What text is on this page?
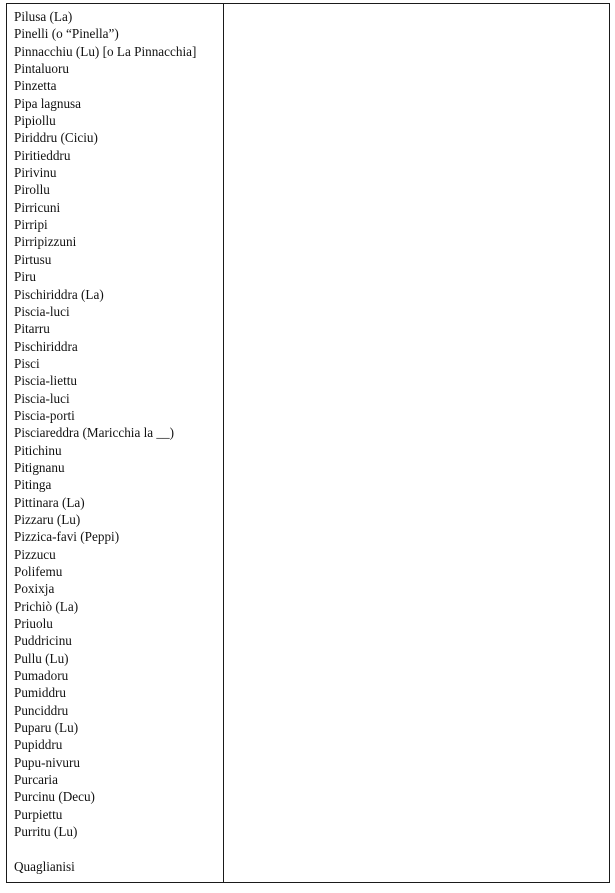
Pilusa (La)
Pinelli (o “Pinella”)
Pinnacchiu (Lu) [o La Pinnacchia]
Pintaluoru
Pinzetta
Pipa lagnusa
Pipiollu
Piriddru (Ciciu)
Piritieddru
Pirivinu
Pirollu
Pirricuni
Pirripi
Pirripizzuni
Pirtusu
Piru
Pischiriddra (La)
Piscia-luci
Pitarru
Pischiriddra
Pisci
Piscia-liettu
Piscia-luci
Piscia-porti
Pisciareddra (Maricchia la __)
Pitichinu
Pitignanu
Pitinga
Pittinara (La)
Pizzaru (Lu)
Pizzica-favi (Peppi)
Pizzucu
Polifemu
Poxixja
Prichiò (La)
Priuolu
Puddricinu
Pullu (Lu)
Pumadoru
Pumiddru
Punciddru
Puparu (Lu)
Pupiddru
Pupu-nivuru
Purcaria
Purcinu (Decu)
Purpiettu
Purritu (Lu)
Quaglianisi
